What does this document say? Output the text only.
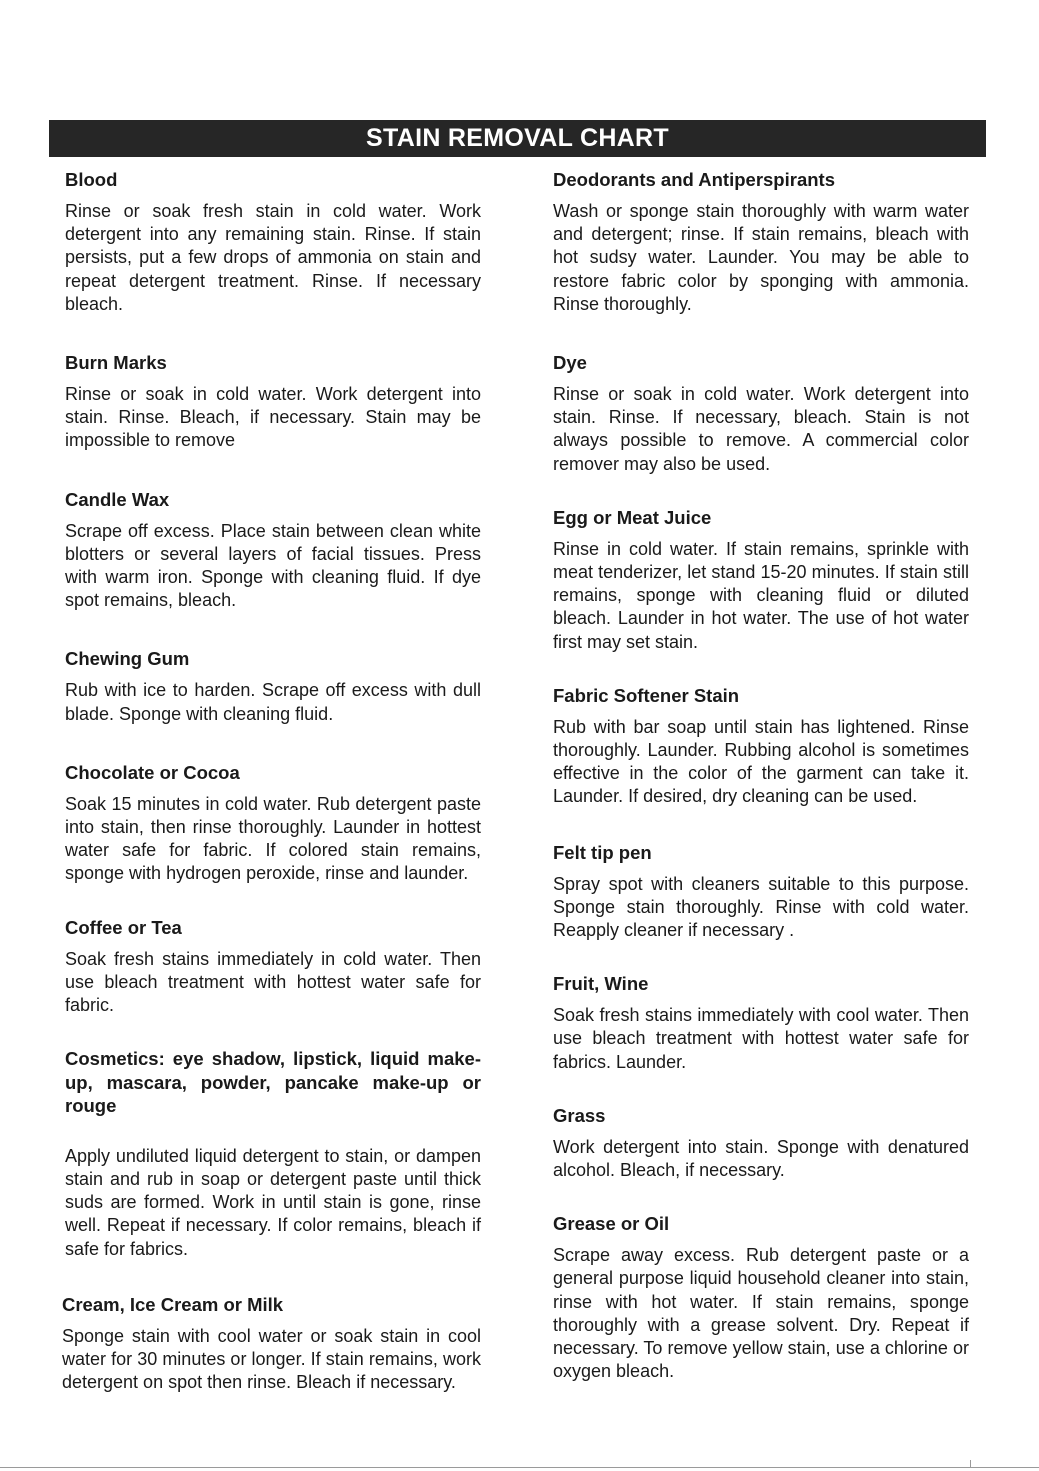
STAIN REMOVAL CHART
Blood

Rinse or soak fresh stain in cold water. Work detergent into any remaining stain. Rinse. If stain persists, put a few drops of ammonia on stain and repeat detergent treatment. Rinse. If necessary bleach.

Burn Marks

Rinse or soak in cold water. Work detergent into stain. Rinse. Bleach, if necessary. Stain may be impossible to remove

Candle Wax

Scrape off excess. Place stain between clean white blotters or several layers of facial tissues. Press with warm iron. Sponge with cleaning fluid. If dye spot remains, bleach.

Chewing Gum

Rub with ice to harden. Scrape off excess with dull blade. Sponge with cleaning fluid.

Chocolate or Cocoa

Soak 15 minutes in cold water. Rub detergent paste into stain, then rinse thoroughly. Launder in hottest water safe for fabric. If colored stain remains, sponge with hydrogen peroxide, rinse and launder.

Coffee or Tea

Soak fresh stains immediately in cold water. Then use bleach treatment with hottest water safe for fabric.

Cosmetics: eye shadow, lipstick, liquid make-up, mascara, powder, pancake make-up or rouge

Apply undiluted liquid detergent to stain, or dampen stain and rub in soap or detergent paste until thick suds are formed. Work in until stain is gone, rinse well. Repeat if necessary. If color remains, bleach if safe for fabrics.

Cream, Ice Cream or Milk

Sponge stain with cool water or soak stain in cool water for 30 minutes or longer. If stain remains, work detergent on spot then rinse. Bleach if necessary.

Deodorants and Antiperspirants

Wash or sponge stain thoroughly with warm water and detergent; rinse. If stain remains, bleach with hot sudsy water. Launder. You may be able to restore fabric color by sponging with ammonia. Rinse thoroughly.

Dye

Rinse or soak in cold water. Work detergent into stain. Rinse. If necessary, bleach. Stain is not always possible to remove. A commercial color remover may also be used.

Egg or Meat Juice

Rinse in cold water. If stain remains, sprinkle with meat tenderizer, let stand 15-20 minutes. If stain still remains, sponge with cleaning fluid or diluted bleach. Launder in hot water. The use of hot water first may set stain.

Fabric Softener Stain

Rub with bar soap until stain has lightened. Rinse thoroughly. Launder. Rubbing alcohol is sometimes effective in the color of the garment can take it. Launder. If desired, dry cleaning can be used.

Felt tip pen

Spray spot with cleaners suitable to this purpose. Sponge stain thoroughly. Rinse with cold water. Reapply cleaner if necessary .

Fruit, Wine

Soak fresh stains immediately with cool water. Then use bleach treatment with hottest water safe for fabrics. Launder.

Grass

Work detergent into stain. Sponge with denatured alcohol. Bleach, if necessary.

Grease or Oil

Scrape away excess. Rub detergent paste or a general purpose liquid household cleaner into stain, rinse with hot water. If stain remains, sponge thoroughly with a grease solvent. Dry. Repeat if necessary. To remove yellow stain, use a chlorine or oxygen bleach.
